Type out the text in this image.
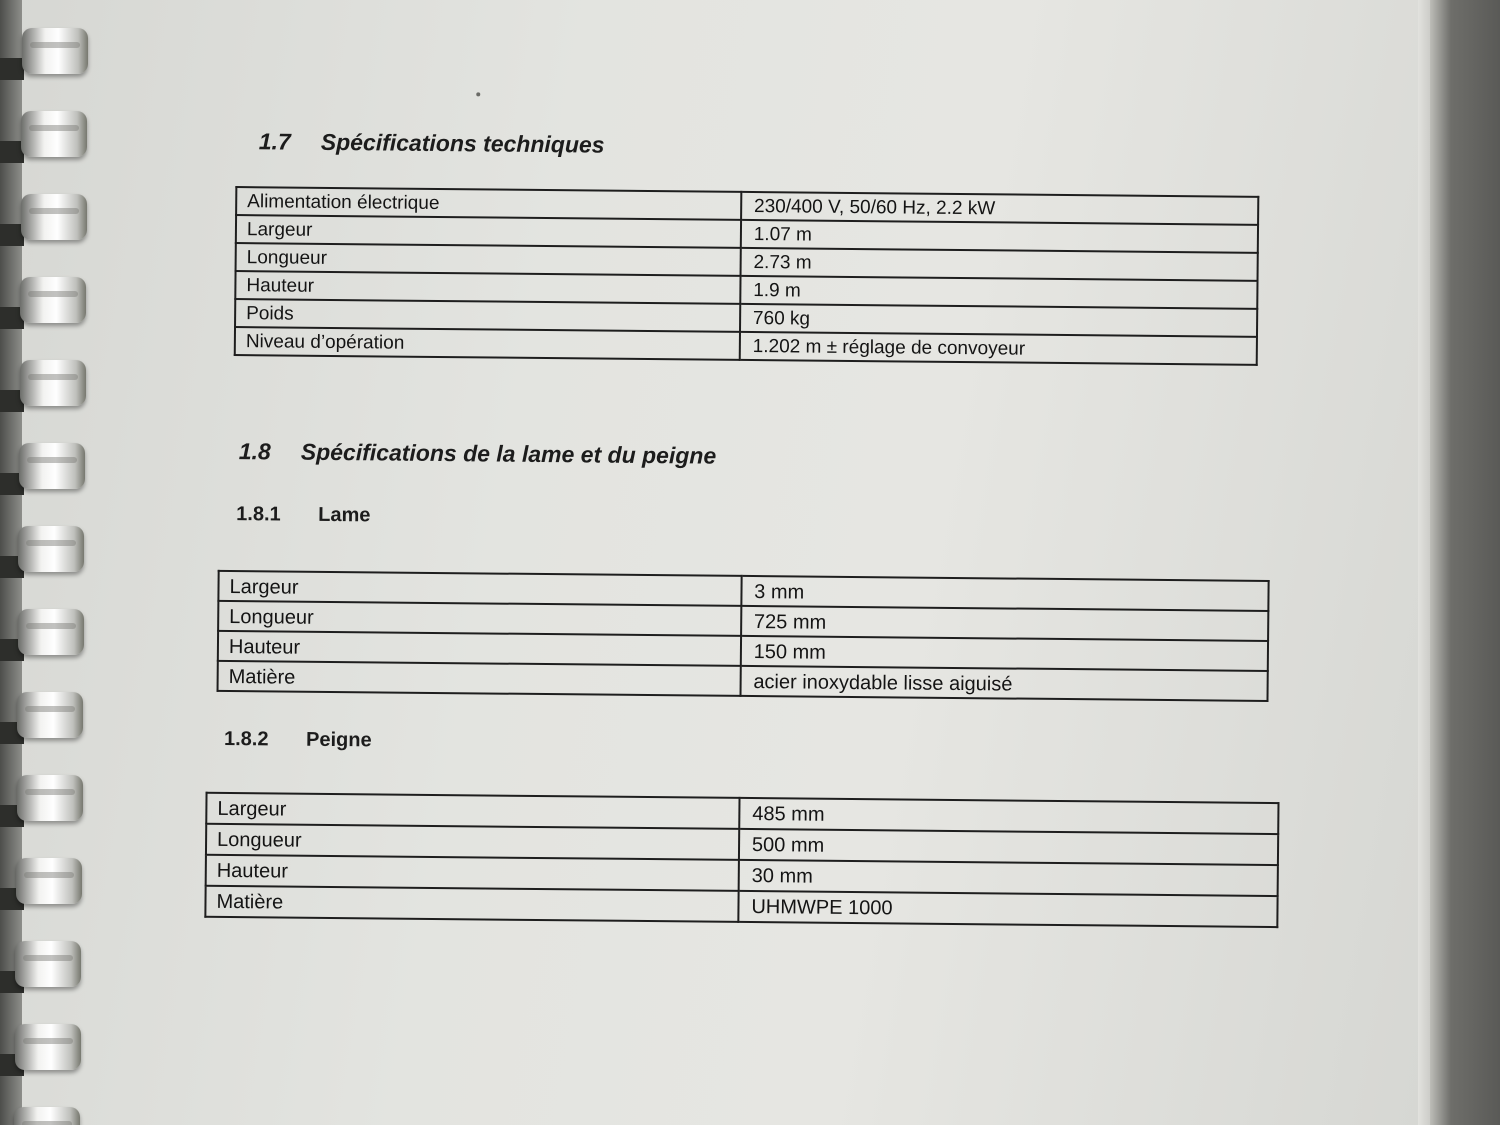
1.7 Spécifications techniques
Alimentation électrique	230/400 V, 50/60 Hz, 2.2 kW
Largeur	1.07 m
Longueur	2.73 m
Hauteur	1.9 m
Poids	760 kg
Niveau d’opération	1.202 m ± réglage de convoyeur
1.8 Spécifications de la lame et du peigne
1.8.1 Lame
Largeur	3 mm
Longueur	725 mm
Hauteur	150 mm
Matière	acier inoxydable lisse aiguisé
1.8.2 Peigne
Largeur	485 mm
Longueur	500 mm
Hauteur	30 mm
Matière	UHMWPE 1000
